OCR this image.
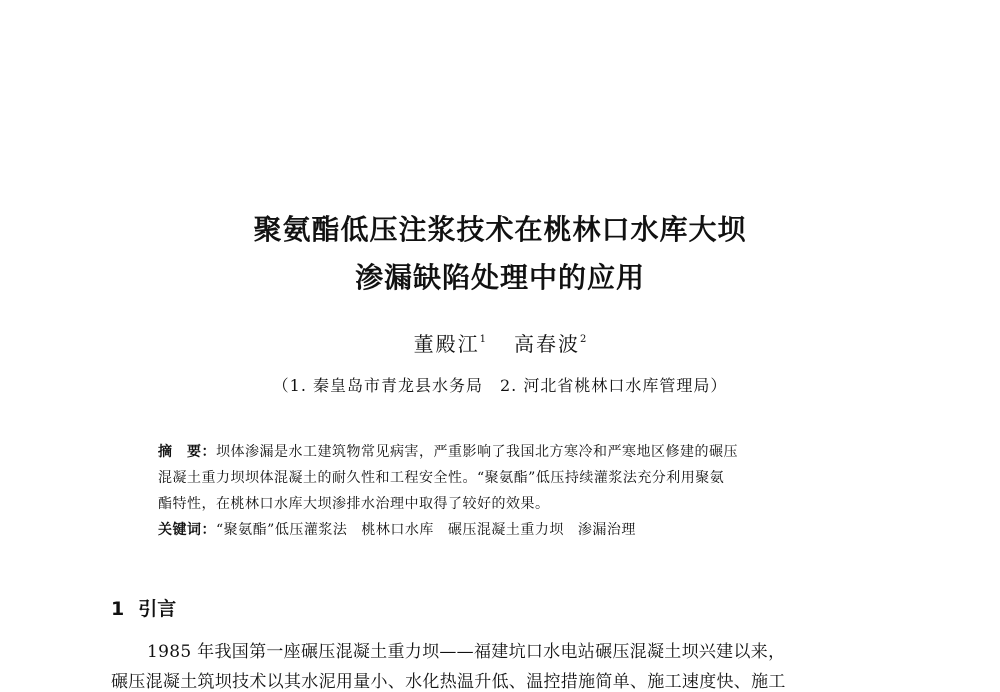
聚氨酯低压注浆技术在桃林口水库大坝
渗漏缺陷处理中的应用
董殿江$^1$ 高春波$^2$
（1. 秦皇岛市青龙县水务局　2. 河北省桃林口水库管理局）
摘　要：坝体渗漏是水工建筑物常见病害，严重影响了我国北方寒冷和严寒地区修建的碾压
混凝土重力坝坝体混凝土的耐久性和工程安全性。“聚氨酯”低压持续灌浆法充分利用聚氨
酯特性，在桃林口水库大坝渗排水治理中取得了较好的效果。
关键词：“聚氨酯”低压灌浆法 桃林口水库 碾压混凝土重力坝 渗漏治理
1 引言
1985 年我国第一座碾压混凝土重力坝——福建坑口水电站碾压混凝土坝兴建以来，
碾压混凝土筑坝技术以其水泥用量小、水化热温升低、温控措施简单、施工速度快、施工
